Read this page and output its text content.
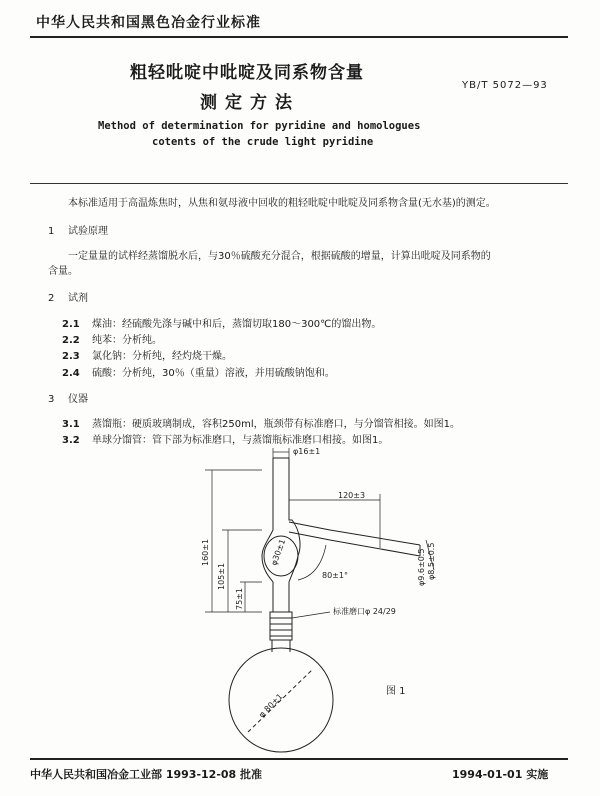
中华人民共和国黑色冶金行业标准
粗轻吡啶中吡啶及同系物含量
测定方法
YB/T 5072—93
Method of determination for pyridine and homologues
cotents of the crude light pyridine
本标准适用于高温炼焦时，从焦和氨母液中回收的粗轻吡啶中吡啶及同系物含量(无水基)的测定。
1 试验原理
一定量量的试样经蒸馏脱水后，与30％硫酸充分混合，根据硫酸的增量，计算出吡啶及同系物的
含量。
2 试剂
2.1 煤油：经硫酸先涤与碱中和后，蒸馏切取180～300℃的馏出物。
2.2 纯苯：分析纯。
2.3 氯化钠：分析纯，经灼烧干燥。
2.4 硫酸：分析纯，30％（重量）溶液，并用硫酸钠饱和。
3 仪器
3.1 蒸馏瓶：硬质玻璃制成，容积250ml，瓶颈带有标准磨口，与分馏管相接。如图1。
3.2 单球分馏管：管下部为标准磨口，与蒸馏瓶标准磨口相接。如图1。
φ16±1
120±3
φ8.5±0.5
φ9.6±0.5
160±1
105±1
75±1
φ30±1
80±1°
标准磨口φ 24/29
φ 80±1
图 1
中华人民共和国冶金工业部 1993-12-08 批准	1994-01-01 实施
